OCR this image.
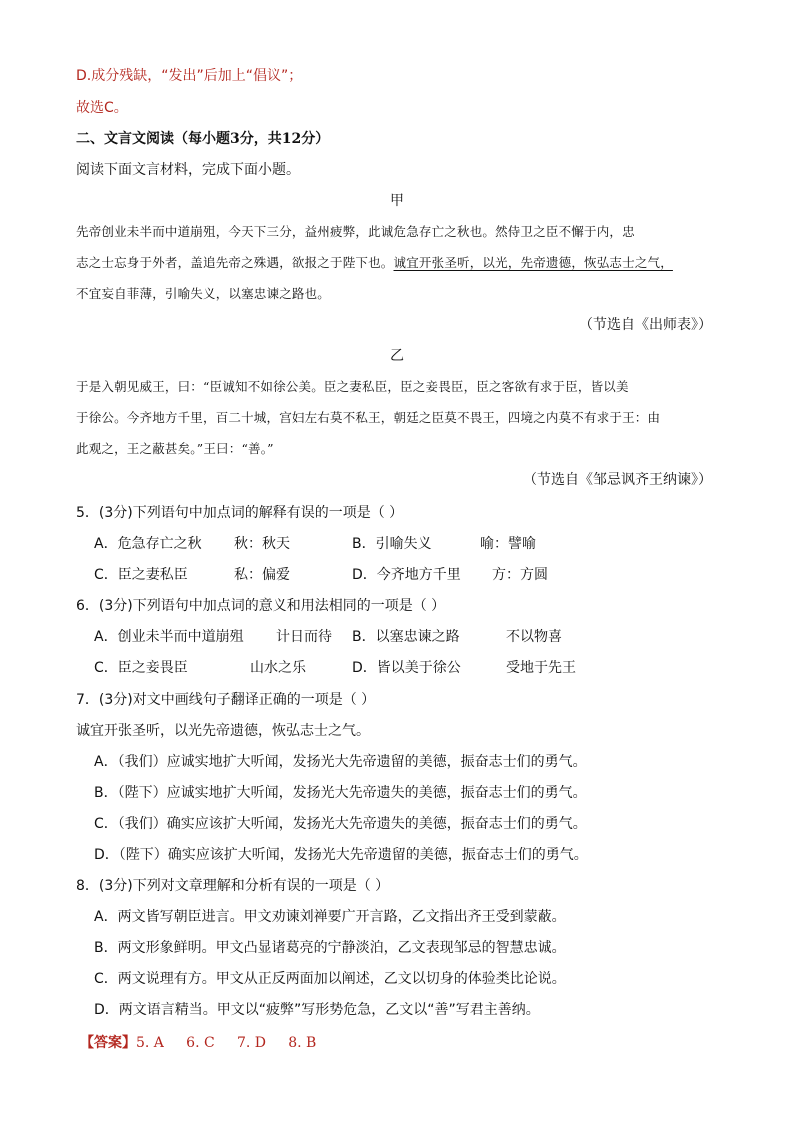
D.成分残缺，“发出”后加上“倡议”；
故选C。
二、文言文阅读（每小题3分，共12分）
阅读下面文言材料，完成下面小题。
甲
先帝创业未半而中道崩殂，今天下三分，益州疲弊，此诚危急存亡之秋也。然侍卫之臣不懈于内，忠
志之士忘身于外者，盖追先帝之殊遇，欲报之于陛下也。诚宜开张圣听，以光，先帝遗德，恢弘志士之气，
不宜妄自菲薄，引喻失义，以塞忠谏之路也。
（节选自《出师表》）
乙
于是入朝见威王，曰：“臣诚知不如徐公美。臣之妻私臣，臣之妾畏臣，臣之客欲有求于臣，皆以美
于徐公。今齐地方千里，百二十城，宫妇左右莫不私王，朝廷之臣莫不畏王，四境之内莫不有求于王：由
此观之，王之蔽甚矣。”王曰：“善。”
（节选自《邹忌讽齐王纳谏》）
5．(3分)下列语句中加点词的解释有误的一项是（ ）
A．危急存亡之秋 秋：秋天	B．引喻失义	喻：譬喻
C．臣之妻私臣	私：偏爱	D．今齐地方千里 方：方圆
6．(3分)下列语句中加点词的意义和用法相同的一项是（ ）
A．创业未半而中道崩殂 计日而待 B．以塞忠谏之路	不以物喜
C．臣之妾畏臣	山水之乐	D．皆以美于徐公	受地于先王
7．(3分)对文中画线句子翻译正确的一项是（ ）
诚宜开张圣听，以光先帝遗德，恢弘志士之气。
A．（我们）应诚实地扩大听闻，发扬光大先帝遗留的美德，振奋志士们的勇气。
B．（陛下）应诚实地扩大听闻，发扬光大先帝遗失的美德，振奋志士们的勇气。
C．（我们）确实应该扩大听闻，发扬光大先帝遗失的美德，振奋志士们的勇气。
D．（陛下）确实应该扩大听闻，发扬光大先帝遗留的美德，振奋志士们的勇气。
8．(3分)下列对文章理解和分析有误的一项是（ ）
A．两文皆写朝臣进言。甲文劝谏刘禅要广开言路，乙文指出齐王受到蒙蔽。
B．两文形象鲜明。甲文凸显诸葛亮的宁静淡泊，乙文表现邹忌的智慧忠诚。
C．两文说理有方。甲文从正反两面加以阐述，乙文以切身的体验类比论说。
D．两文语言精当。甲文以“疲弊”写形势危急，乙文以“善”写君主善纳。
【答案】5. A     6. C     7. D     8. B
